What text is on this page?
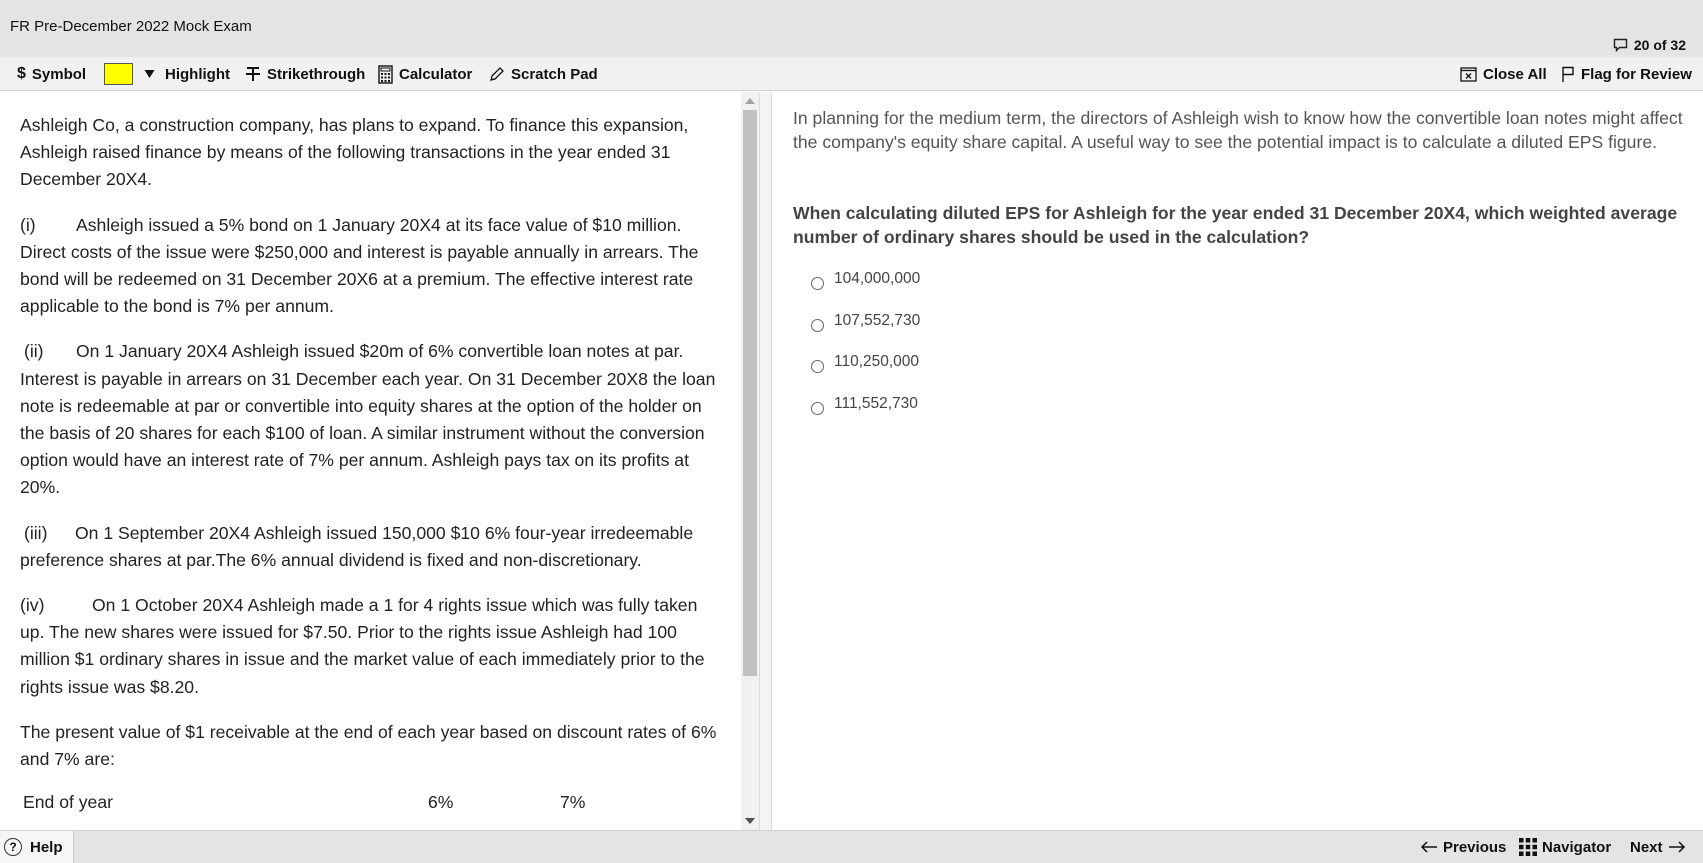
FR Pre-December 2022 Mock Exam
20 of 32
$ Symbol	Highlight Strikethrough Calculator	Scratch Pad	Close All Flag for Review

Ashleigh Co, a construction company, has plans to expand. To finance this expansion, Ashleigh raised finance by means of the following transactions in the year ended 31 December 20X4.

(i) Ashleigh issued a 5% bond on 1 January 20X4 at its face value of $10 million. Direct costs of the issue were $250,000 and interest is payable annually in arrears. The bond will be redeemed on 31 December 20X6 at a premium. The effective interest rate applicable to the bond is 7% per annum.

(ii) On 1 January 20X4 Ashleigh issued $20m of 6% convertible loan notes at par. Interest is payable in arrears on 31 December each year. On 31 December 20X8 the loan note is redeemable at par or convertible into equity shares at the option of the holder on the basis of 20 shares for each $100 of loan. A similar instrument without the conversion option would have an interest rate of 7% per annum. Ashleigh pays tax on its profits at 20%.

(iii) On 1 September 20X4 Ashleigh issued 150,000 $10 6% four-year irredeemable preference shares at par.The 6% annual dividend is fixed and non-discretionary.

(iv)	On 1 October 20X4 Ashleigh made a 1 for 4 rights issue which was fully taken up. The new shares were issued for $7.50. Prior to the rights issue Ashleigh had 100 million $1 ordinary shares in issue and the market value of each immediately prior to the rights issue was $8.20.

The present value of $1 receivable at the end of each year based on discount rates of 6% and 7% are:

End of year	6%	7%
In planning for the medium term, the directors of Ashleigh wish to know how the convertible loan notes might affect the company's equity share capital. A useful way to see the potential impact is to calculate a diluted EPS figure.
When calculating diluted EPS for Ashleigh for the year ended 31 December 20X4, which weighted average number of ordinary shares should be used in the calculation?
104,000,000
107,552,730
110,250,000
111,552,730
? Help	Previous Navigator Next
